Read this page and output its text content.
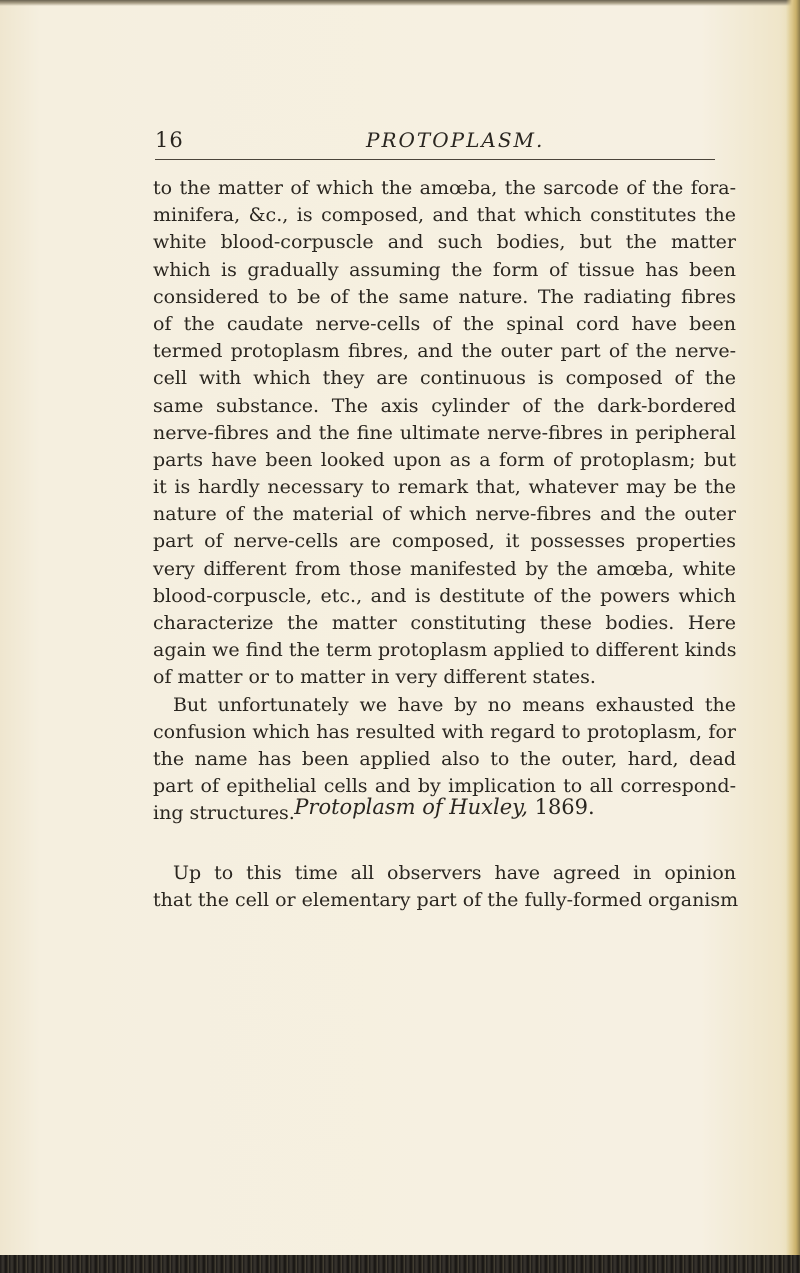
16	PROTOPLASM.
to the matter of which the amœba, the sarcode of the fora-
minifera, &c., is composed, and that which constitutes the
white blood-corpuscle and such bodies, but the matter
which is gradually assuming the form of tissue has been
considered to be of the same nature. The radiating fibres
of the caudate nerve-cells of the spinal cord have been
termed protoplasm fibres, and the outer part of the nerve-
cell with which they are continuous is composed of the
same substance. The axis cylinder of the dark-bordered
nerve-fibres and the fine ultimate nerve-fibres in peripheral
parts have been looked upon as a form of protoplasm; but
it is hardly necessary to remark that, whatever may be the
nature of the material of which nerve-fibres and the outer
part of nerve-cells are composed, it possesses properties
very different from those manifested by the amœba, white
blood-corpuscle, etc., and is destitute of the powers which
characterize the matter constituting these bodies. Here
again we find the term protoplasm applied to different kinds
of matter or to matter in very different states.
But unfortunately we have by no means exhausted the
confusion which has resulted with regard to protoplasm, for
the name has been applied also to the outer, hard, dead
part of epithelial cells and by implication to all correspond-
ing structures. Protoplasm of Huxley, 1869.
Up to this time all observers have agreed in opinion
that the cell or elementary part of the fully-formed organism
